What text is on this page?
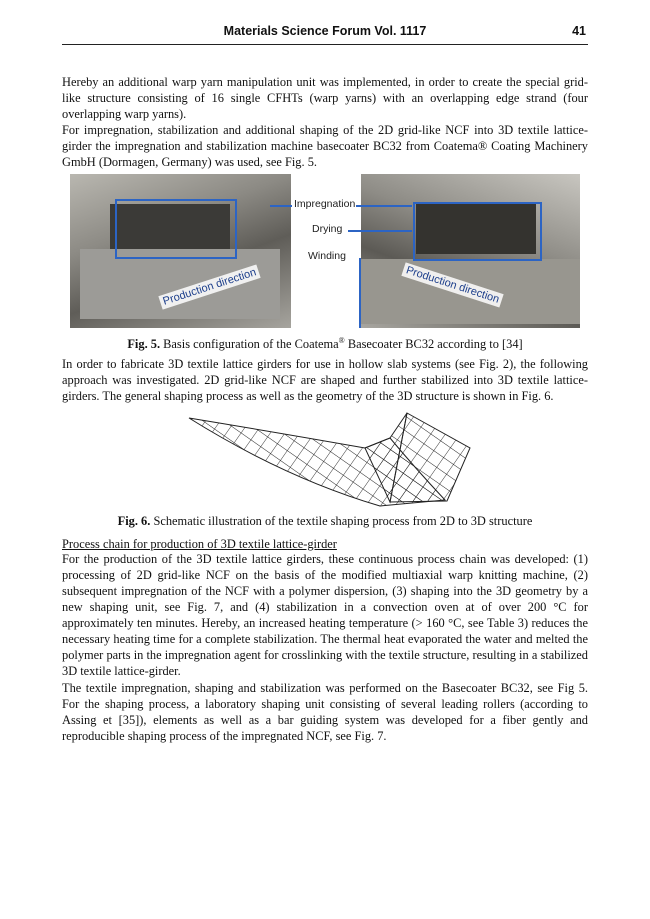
Materials Science Forum Vol. 1117	41

Hereby an additional warp yarn manipulation unit was implemented, in order to create the special grid-like structure consisting of 16 single CFHTs (warp yarns) with an overlapping edge strand (four overlapping warp yarns).

For impregnation, stabilization and additional shaping of the 2D grid-like NCF into 3D textile lattice-girder the impregnation and stabilization machine basecoater BC32 from Coatema® Coating Machinery GmbH (Dormagen, Germany) was used, see Fig. 5.

Production direction	Production direction
Impregnation
Drying
Winding
Fig. 5. Basis configuration of the Coatema® Basecoater BC32 according to [34]

In order to fabricate 3D textile lattice girders for use in hollow slab systems (see Fig. 2), the following approach was investigated. 2D grid-like NCF are shaped and further stabilized into 3D textile lattice-girders. The general shaping process as well as the geometry of the 3D structure is shown in Fig. 6.

Fig. 6. Schematic illustration of the textile shaping process from 2D to 3D structure

Process chain for production of 3D textile lattice-girder

For the production of the 3D textile lattice girders, these continuous process chain was developed: (1) processing of 2D grid-like NCF on the basis of the modified multiaxial warp knitting machine, (2) subsequent impregnation of the NCF with a polymer dispersion, (3) shaping into the 3D geometry by a new shaping unit, see Fig. 7, and (4) stabilization in a convection oven at of over 200 °C for approximately ten minutes. Hereby, an increased heating temperature (> 160 °C, see Table 3) reduces the necessary heating time for a complete stabilization. The thermal heat evaporated the water and melted the polymer parts in the impregnation agent for crosslinking with the textile structure, resulting in a stabilized 3D textile lattice-girder.

The textile impregnation, shaping and stabilization was performed on the Basecoater BC32, see Fig 5. For the shaping process, a laboratory shaping unit consisting of several leading rollers (according to Assing et [35]), elements as well as a bar guiding system was developed for a fiber gently and reproducible shaping process of the impregnated NCF, see Fig. 7.
